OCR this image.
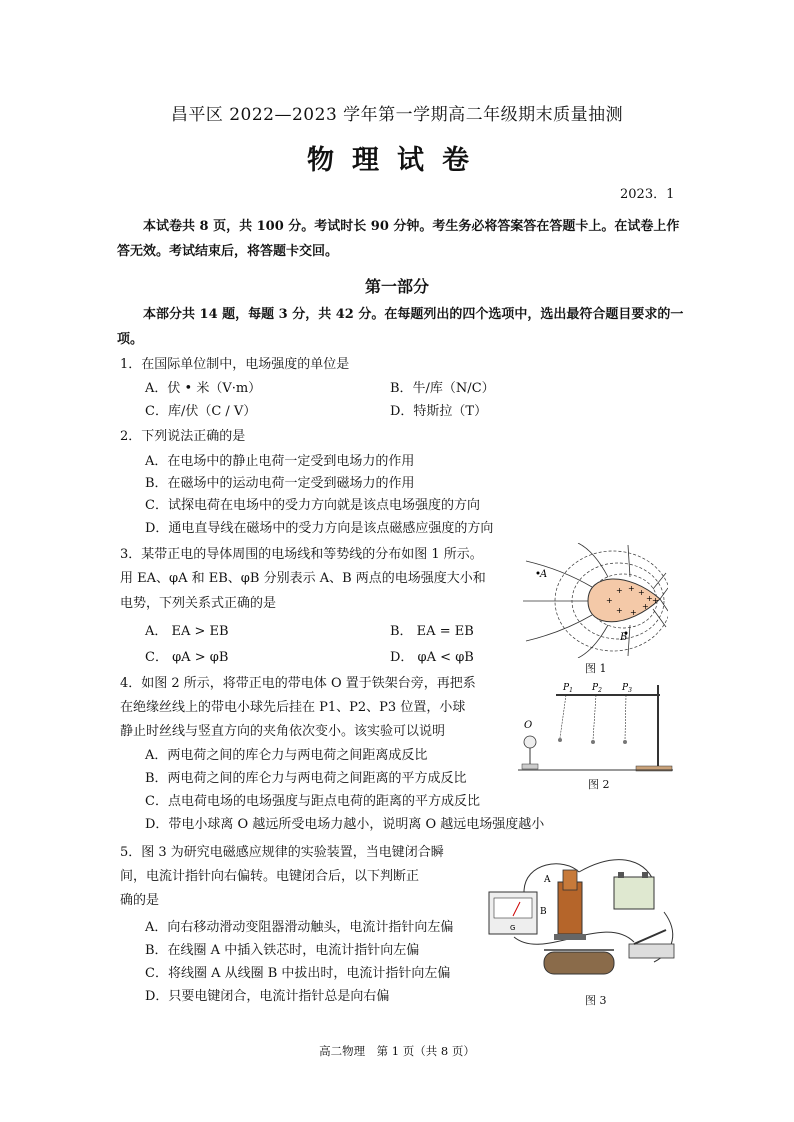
昌平区 2022—2023 学年第一学期高二年级期末质量抽测
物理试卷
2023．1
本试卷共 8 页，共 100 分。考试时长 90 分钟。考生务必将答案答在答题卡上。在试卷上作答无效。考试结束后，将答题卡交回。
第一部分
本部分共 14 题，每题 3 分，共 42 分。在每题列出的四个选项中，选出最符合题目要求的一项。
1．在国际单位制中，电场强度的单位是
A．伏 • 米（V·m）	B．牛/库（N/C）
C．库/伏（C / V）	D．特斯拉（T）
2．下列说法正确的是
A．在电场中的静止电荷一定受到电场力的作用
B．在磁场中的运动电荷一定受到磁场力的作用
C．试探电荷在电场中的受力方向就是该点电场强度的方向
D．通电直导线在磁场中的受力方向是该点磁感应强度的方向
3．某带正电的导体周围的电场线和等势线的分布如图 1 所示。
用 EA、φA 和 EB、φB 分别表示 A、B 两点的电场强度大小和
电势，下列关系式正确的是
A． EA > EB	B． EA = EB
C． φA > φB	D． φA < φB
+ + +
+
+ +
+
+
+
A
B
图 1
4．如图 2 所示，将带正电的带电体 O 置于铁架台旁，再把系
在绝缘丝线上的带电小球先后挂在 P1、P2、P3 位置，小球
静止时丝线与竖直方向的夹角依次变小。该实验可以说明
A．两电荷之间的库仑力与两电荷之间距离成反比
B．两电荷之间的库仑力与两电荷之间距离的平方成反比
C．点电荷电场的电场强度与距点电荷的距离的平方成反比
D．带电小球离 O 越远所受电场力越小，说明离 O 越远电场强度越小
$P_1$ $P_2$ $P_3$
O
图 2
5．图 3 为研究电磁感应规律的实验装置，当电键闭合瞬
间，电流计指针向右偏转。电键闭合后，以下判断正
确的是
A．向右移动滑动变阻器滑动触头，电流计指针向左偏
B．在线圈 A 中插入铁芯时，电流计指针向左偏
C．将线圈 A 从线圈 B 中拔出时，电流计指针向左偏
D．只要电键闭合，电流计指针总是向右偏
G
A
B
图 3
高二物理　第 1 页（共 8 页）
